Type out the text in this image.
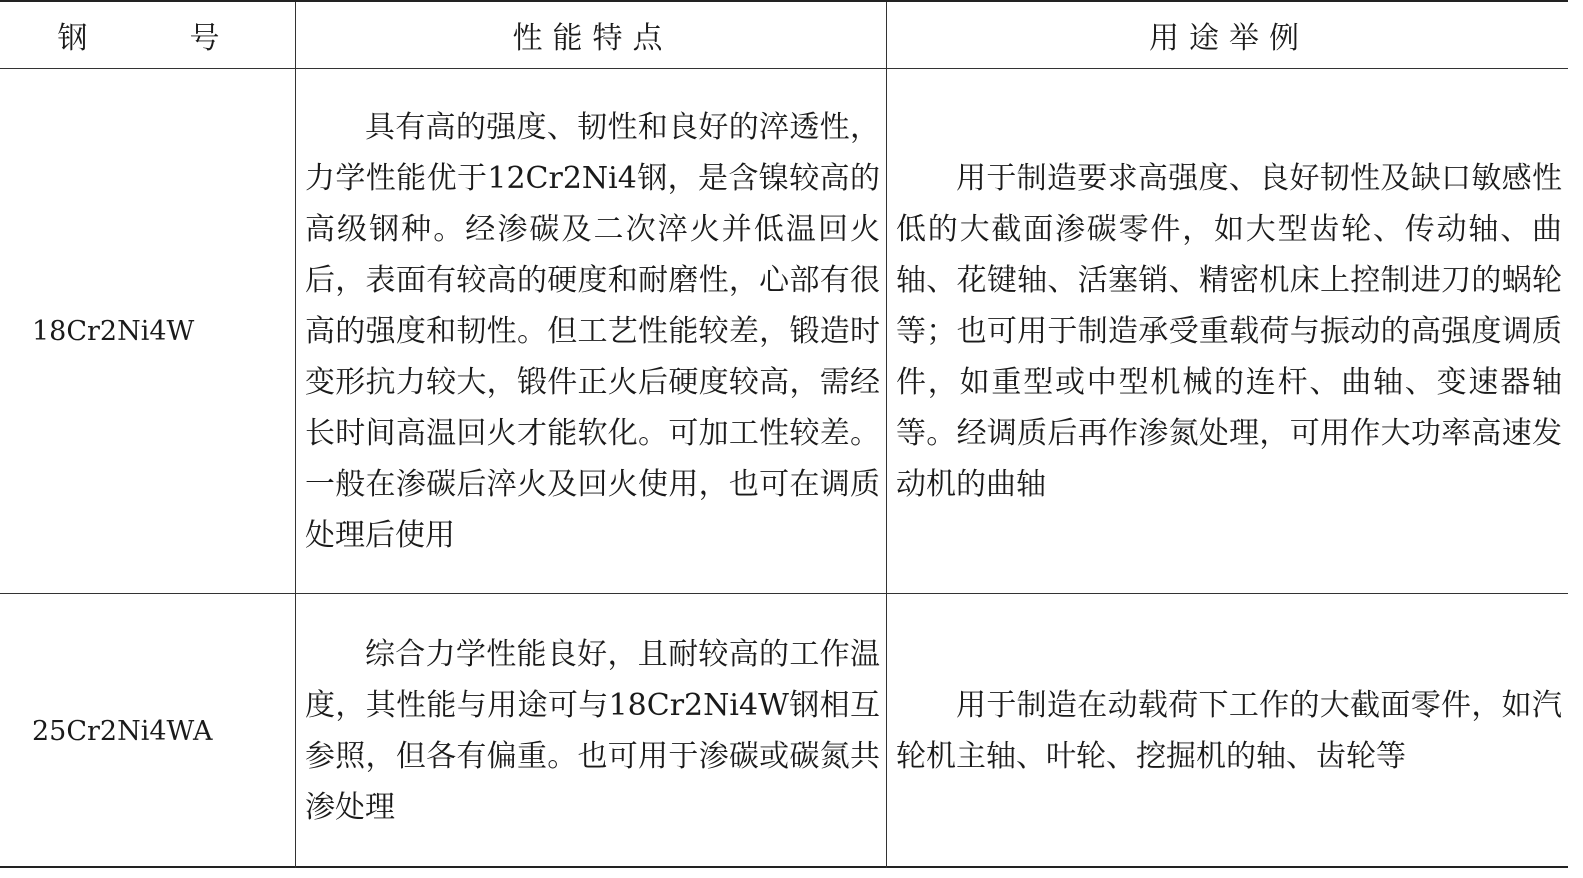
钢　号	性能特点	用途举例
18Cr2Ni4W
具有高的强度、韧性和良好的淬透性，力学性能优于12Cr2Ni4钢，是含镍较高的高级钢种。经渗碳及二次淬火并低温回火后，表面有较高的硬度和耐磨性，心部有很高的强度和韧性。但工艺性能较差，锻造时变形抗力较大，锻件正火后硬度较高，需经长时间高温回火才能软化。可加工性较差。一般在渗碳后淬火及回火使用，也可在调质处理后使用
用于制造要求高强度、良好韧性及缺口敏感性低的大截面渗碳零件，如大型齿轮、传动轴、曲轴、花键轴、活塞销、精密机床上控制进刀的蜗轮等；也可用于制造承受重载荷与振动的高强度调质件，如重型或中型机械的连杆、曲轴、变速器轴等。经调质后再作渗氮处理，可用作大功率高速发动机的曲轴
25Cr2Ni4WA
综合力学性能良好，且耐较高的工作温度，其性能与用途可与18Cr2Ni4W钢相互参照，但各有偏重。也可用于渗碳或碳氮共渗处理
用于制造在动载荷下工作的大截面零件，如汽轮机主轴、叶轮、挖掘机的轴、齿轮等
